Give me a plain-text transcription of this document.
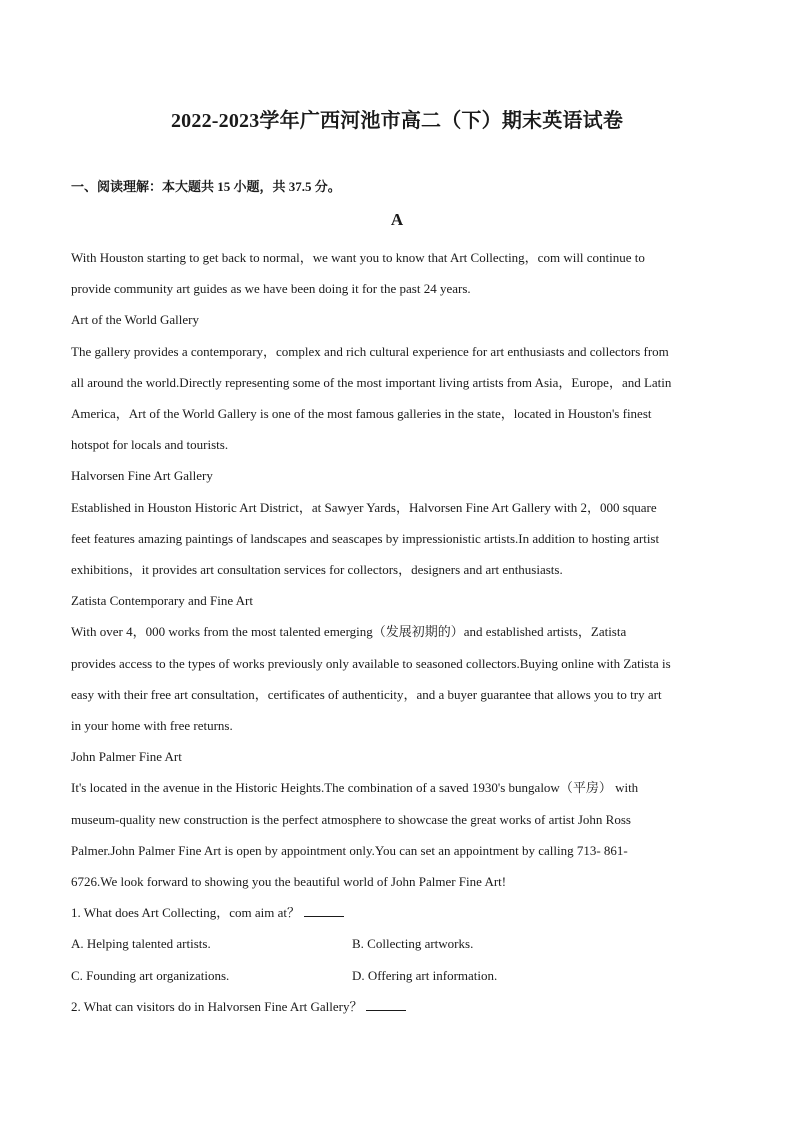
2022-2023学年广西河池市高二（下）期末英语试卷
一、阅读理解：本大题共 15 小题，共 37.5 分。
A

With Houston starting to get back to normal，we want you to know that Art Collecting，com will continue to
provide community art guides as we have been doing it for the past 24 years.

Art of the World Gallery

The gallery provides a contemporary，complex and rich cultural experience for art enthusiasts and collectors from
all around the world.Directly representing some of the most important living artists from Asia，Europe，and Latin
America，Art of the World Gallery is one of the most famous galleries in the state，located in Houston's finest
hotspot for locals and tourists.

Halvorsen Fine Art Gallery

Established in Houston Historic Art District，at Sawyer Yards，Halvorsen Fine Art Gallery with 2，000 square
feet features amazing paintings of landscapes and seascapes by impressionistic artists.In addition to hosting artist
exhibitions，it provides art consultation services for collectors，designers and art enthusiasts.

Zatista Contemporary and Fine Art

With over 4，000 works from the most talented emerging（发展初期的）and established artists，Zatista
provides access to the types of works previously only available to seasoned collectors.Buying online with Zatista is
easy with their free art consultation，certificates of authenticity，and a buyer guarantee that allows you to try art
in your home with free returns.

John Palmer Fine Art

It's located in the avenue in the Historic Heights.The combination of a saved 1930's bungalow（平房） with
museum-quality new construction is the perfect atmosphere to showcase the great works of artist John Ross
Palmer.John Palmer Fine Art is open by appointment only.You can set an appointment by calling 713- 861-
6726.We look forward to showing you the beautiful world of John Palmer Fine Art!

1. What does Art Collecting，com aim at？

A. Helping talented artists.	B. Collecting artworks.
C. Founding art organizations.	D. Offering art information.

2. What can visitors do in Halvorsen Fine Art Gallery？
